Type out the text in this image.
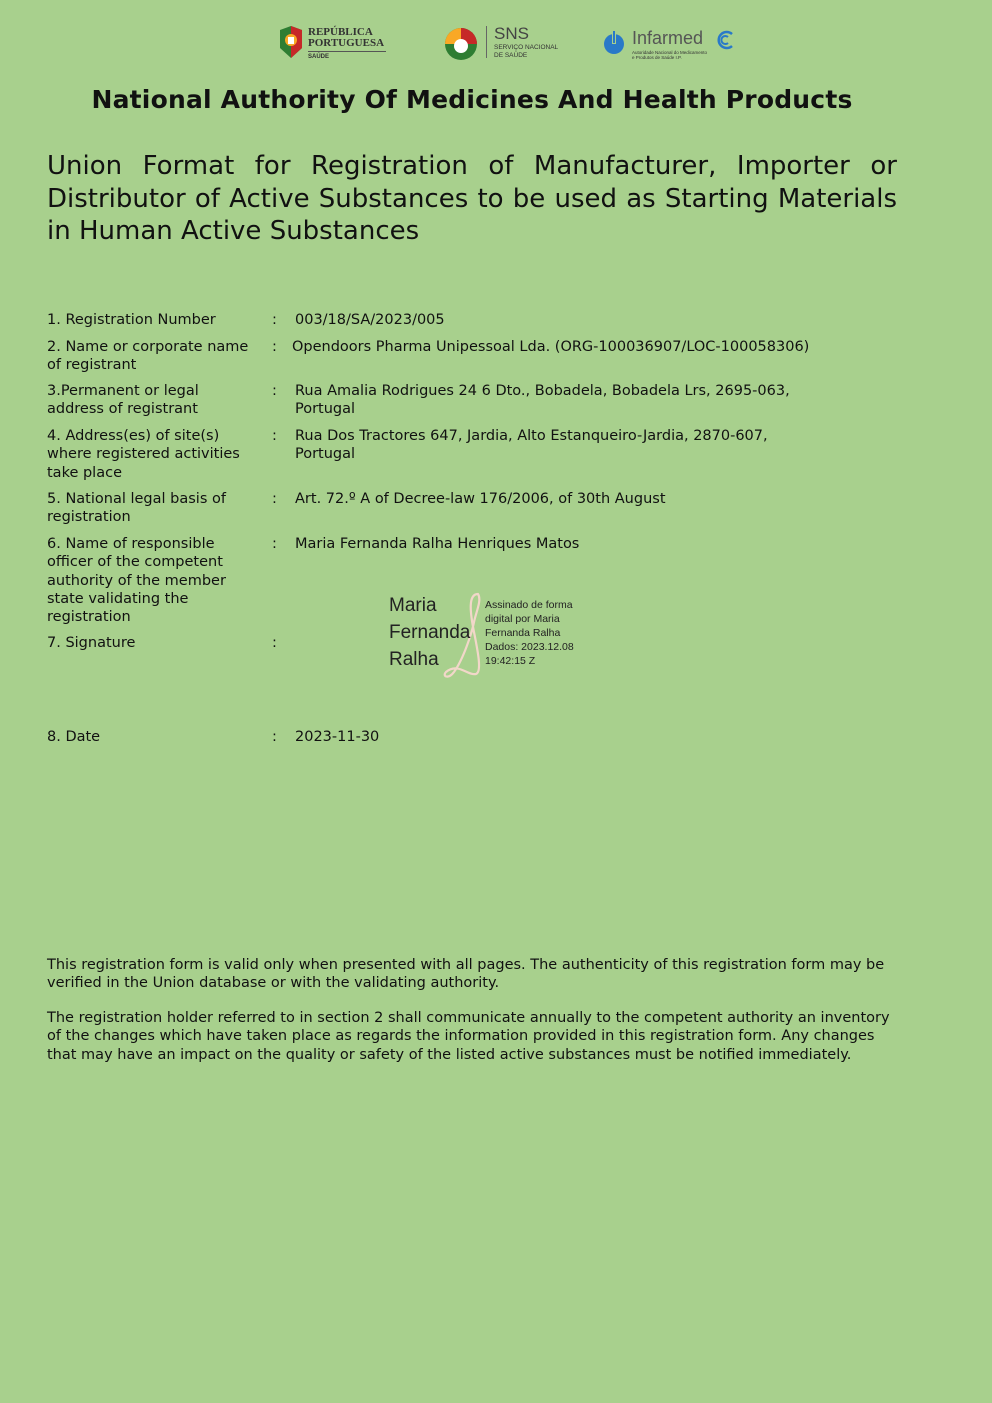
REPÚBLICA
PORTUGUESA
SAÚDE
SNS
SERVIÇO NACIONAL
DE SAÚDE
Infarmed
Autoridade Nacional do Medicamento
e Produtos de Saúde I.P.
National Authority Of Medicines And Health Products

Union Format for Registration of Manufacturer, Importer or Distributor of Active Substances to be used as Starting Materials in Human Active Substances

1. Registration Number	: 003/18/SA/2023/005
2. Name or corporate name of registrant
: Opendoors Pharma Unipessoal Lda. (ORG-100036907/LOC-100058306)
3.Permanent or legal address of registrant
: Rua Amalia Rodrigues 24 6 Dto., Bobadela, Bobadela Lrs, 2695-063, Portugal
4. Address(es) of site(s) where registered activities take place
: Rua Dos Tractores 647, Jardia, Alto Estanqueiro-Jardia, 2870-607, Portugal
5. National legal basis of registration
: Art. 72.º A of Decree-law 176/2006, of 30th August
6. Name of responsible officer of the competent authority of the member state validating the registration
: Maria Fernanda Ralha Henriques Matos
7. Signature	:
8. Date	: 2023-11-30
Maria
Fernanda
Ralha
Assinado de forma
digital por Maria
Fernanda Ralha
Dados: 2023.12.08
19:42:15 Z

This registration form is valid only when presented with all pages. The authenticity of this registration form may be verified in the Union database or with the validating authority.

The registration holder referred to in section 2 shall communicate annually to the competent authority an inventory of the changes which have taken place as regards the information provided in this registration form. Any changes that may have an impact on the quality or safety of the listed active substances must be notified immediately.
